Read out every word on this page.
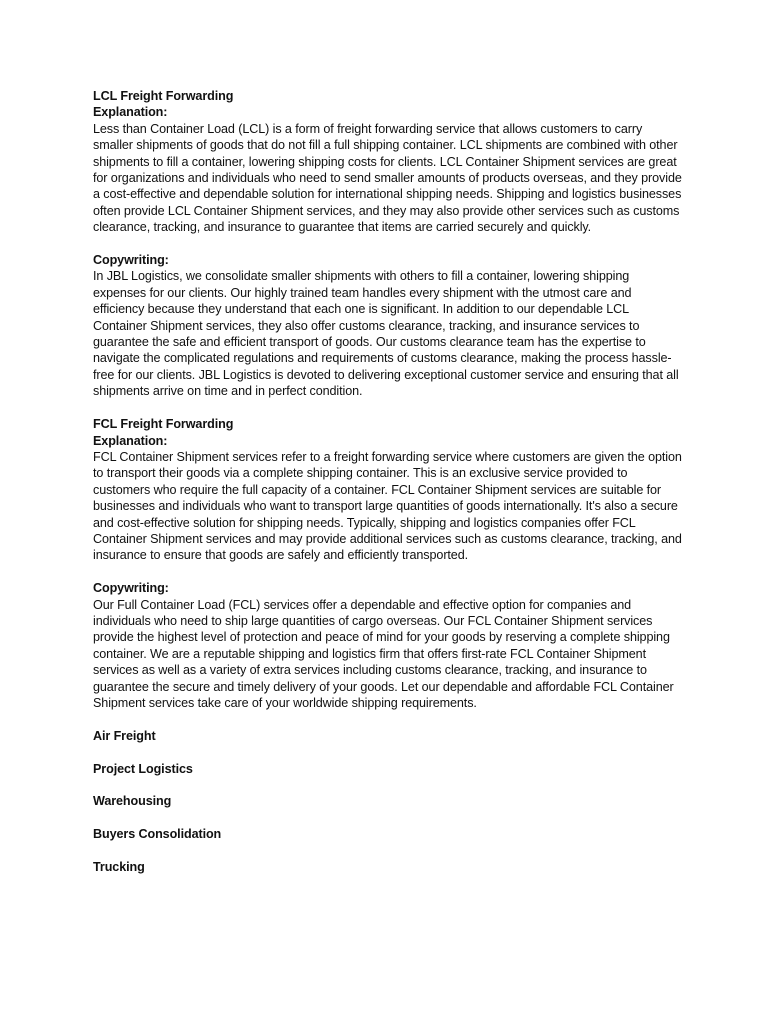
LCL Freight Forwarding

Explanation:

Less than Container Load (LCL) is a form of freight forwarding service that allows customers to carry smaller shipments of goods that do not fill a full shipping container. LCL shipments are combined with other shipments to fill a container, lowering shipping costs for clients. LCL Container Shipment services are great for organizations and individuals who need to send smaller amounts of products overseas, and they provide a cost-effective and dependable solution for international shipping needs. Shipping and logistics businesses often provide LCL Container Shipment services, and they may also provide other services such as customs clearance, tracking, and insurance to guarantee that items are carried securely and quickly.

Copywriting:

In JBL Logistics, we consolidate smaller shipments with others to fill a container, lowering shipping expenses for our clients. Our highly trained team handles every shipment with the utmost care and efficiency because they understand that each one is significant. In addition to our dependable LCL Container Shipment services, they also offer customs clearance, tracking, and insurance services to guarantee the safe and efficient transport of goods. Our customs clearance team has the expertise to navigate the complicated regulations and requirements of customs clearance, making the process hassle-free for our clients. JBL Logistics is devoted to delivering exceptional customer service and ensuring that all shipments arrive on time and in perfect condition.

FCL Freight Forwarding

Explanation:

FCL Container Shipment services refer to a freight forwarding service where customers are given the option to transport their goods via a complete shipping container. This is an exclusive service provided to customers who require the full capacity of a container. FCL Container Shipment services are suitable for businesses and individuals who want to transport large quantities of goods internationally. It's also a secure and cost-effective solution for shipping needs. Typically, shipping and logistics companies offer FCL Container Shipment services and may provide additional services such as customs clearance, tracking, and insurance to ensure that goods are safely and efficiently transported.

Copywriting:

Our Full Container Load (FCL) services offer a dependable and effective option for companies and individuals who need to ship large quantities of cargo overseas. Our FCL Container Shipment services provide the highest level of protection and peace of mind for your goods by reserving a complete shipping container. We are a reputable shipping and logistics firm that offers first-rate FCL Container Shipment services as well as a variety of extra services including customs clearance, tracking, and insurance to guarantee the secure and timely delivery of your goods. Let our dependable and affordable FCL Container Shipment services take care of your worldwide shipping requirements.

Air Freight

Project Logistics

Warehousing

Buyers Consolidation

Trucking
